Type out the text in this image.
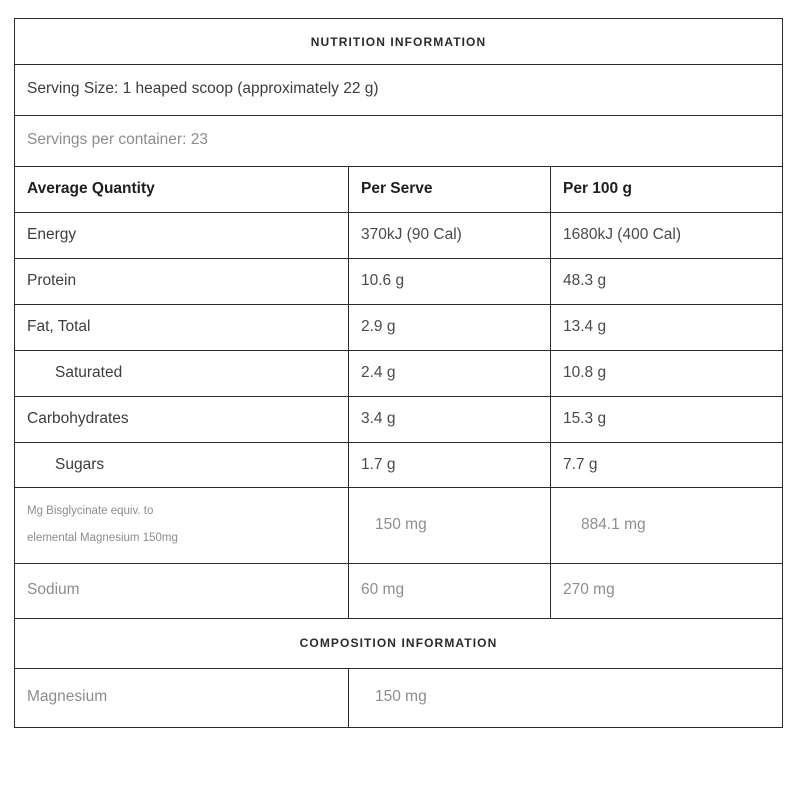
NUTRITION INFORMATION		

Serving Size: 1 heaped scoop (approximately 22 g)		

Servings per container: 23		

Average Quantity	Per Serve	Per 100 g

Energy	370kJ (90 Cal)	1680kJ (400 Cal)

Protein	10.6 g	48.3 g

Fat, Total	2.9 g	13.4 g

Saturated	2.4 g	10.8 g

Carbohydrates	3.4 g	15.3 g

Sugars	1.7 g	7.7 g

Mg Bisglycinate equiv. to
elemental Magnesium 150mg	150 mg	884.1 mg

Sodium	60 mg	270 mg

COMPOSITION INFORMATION		

Magnesium	150 mg	
